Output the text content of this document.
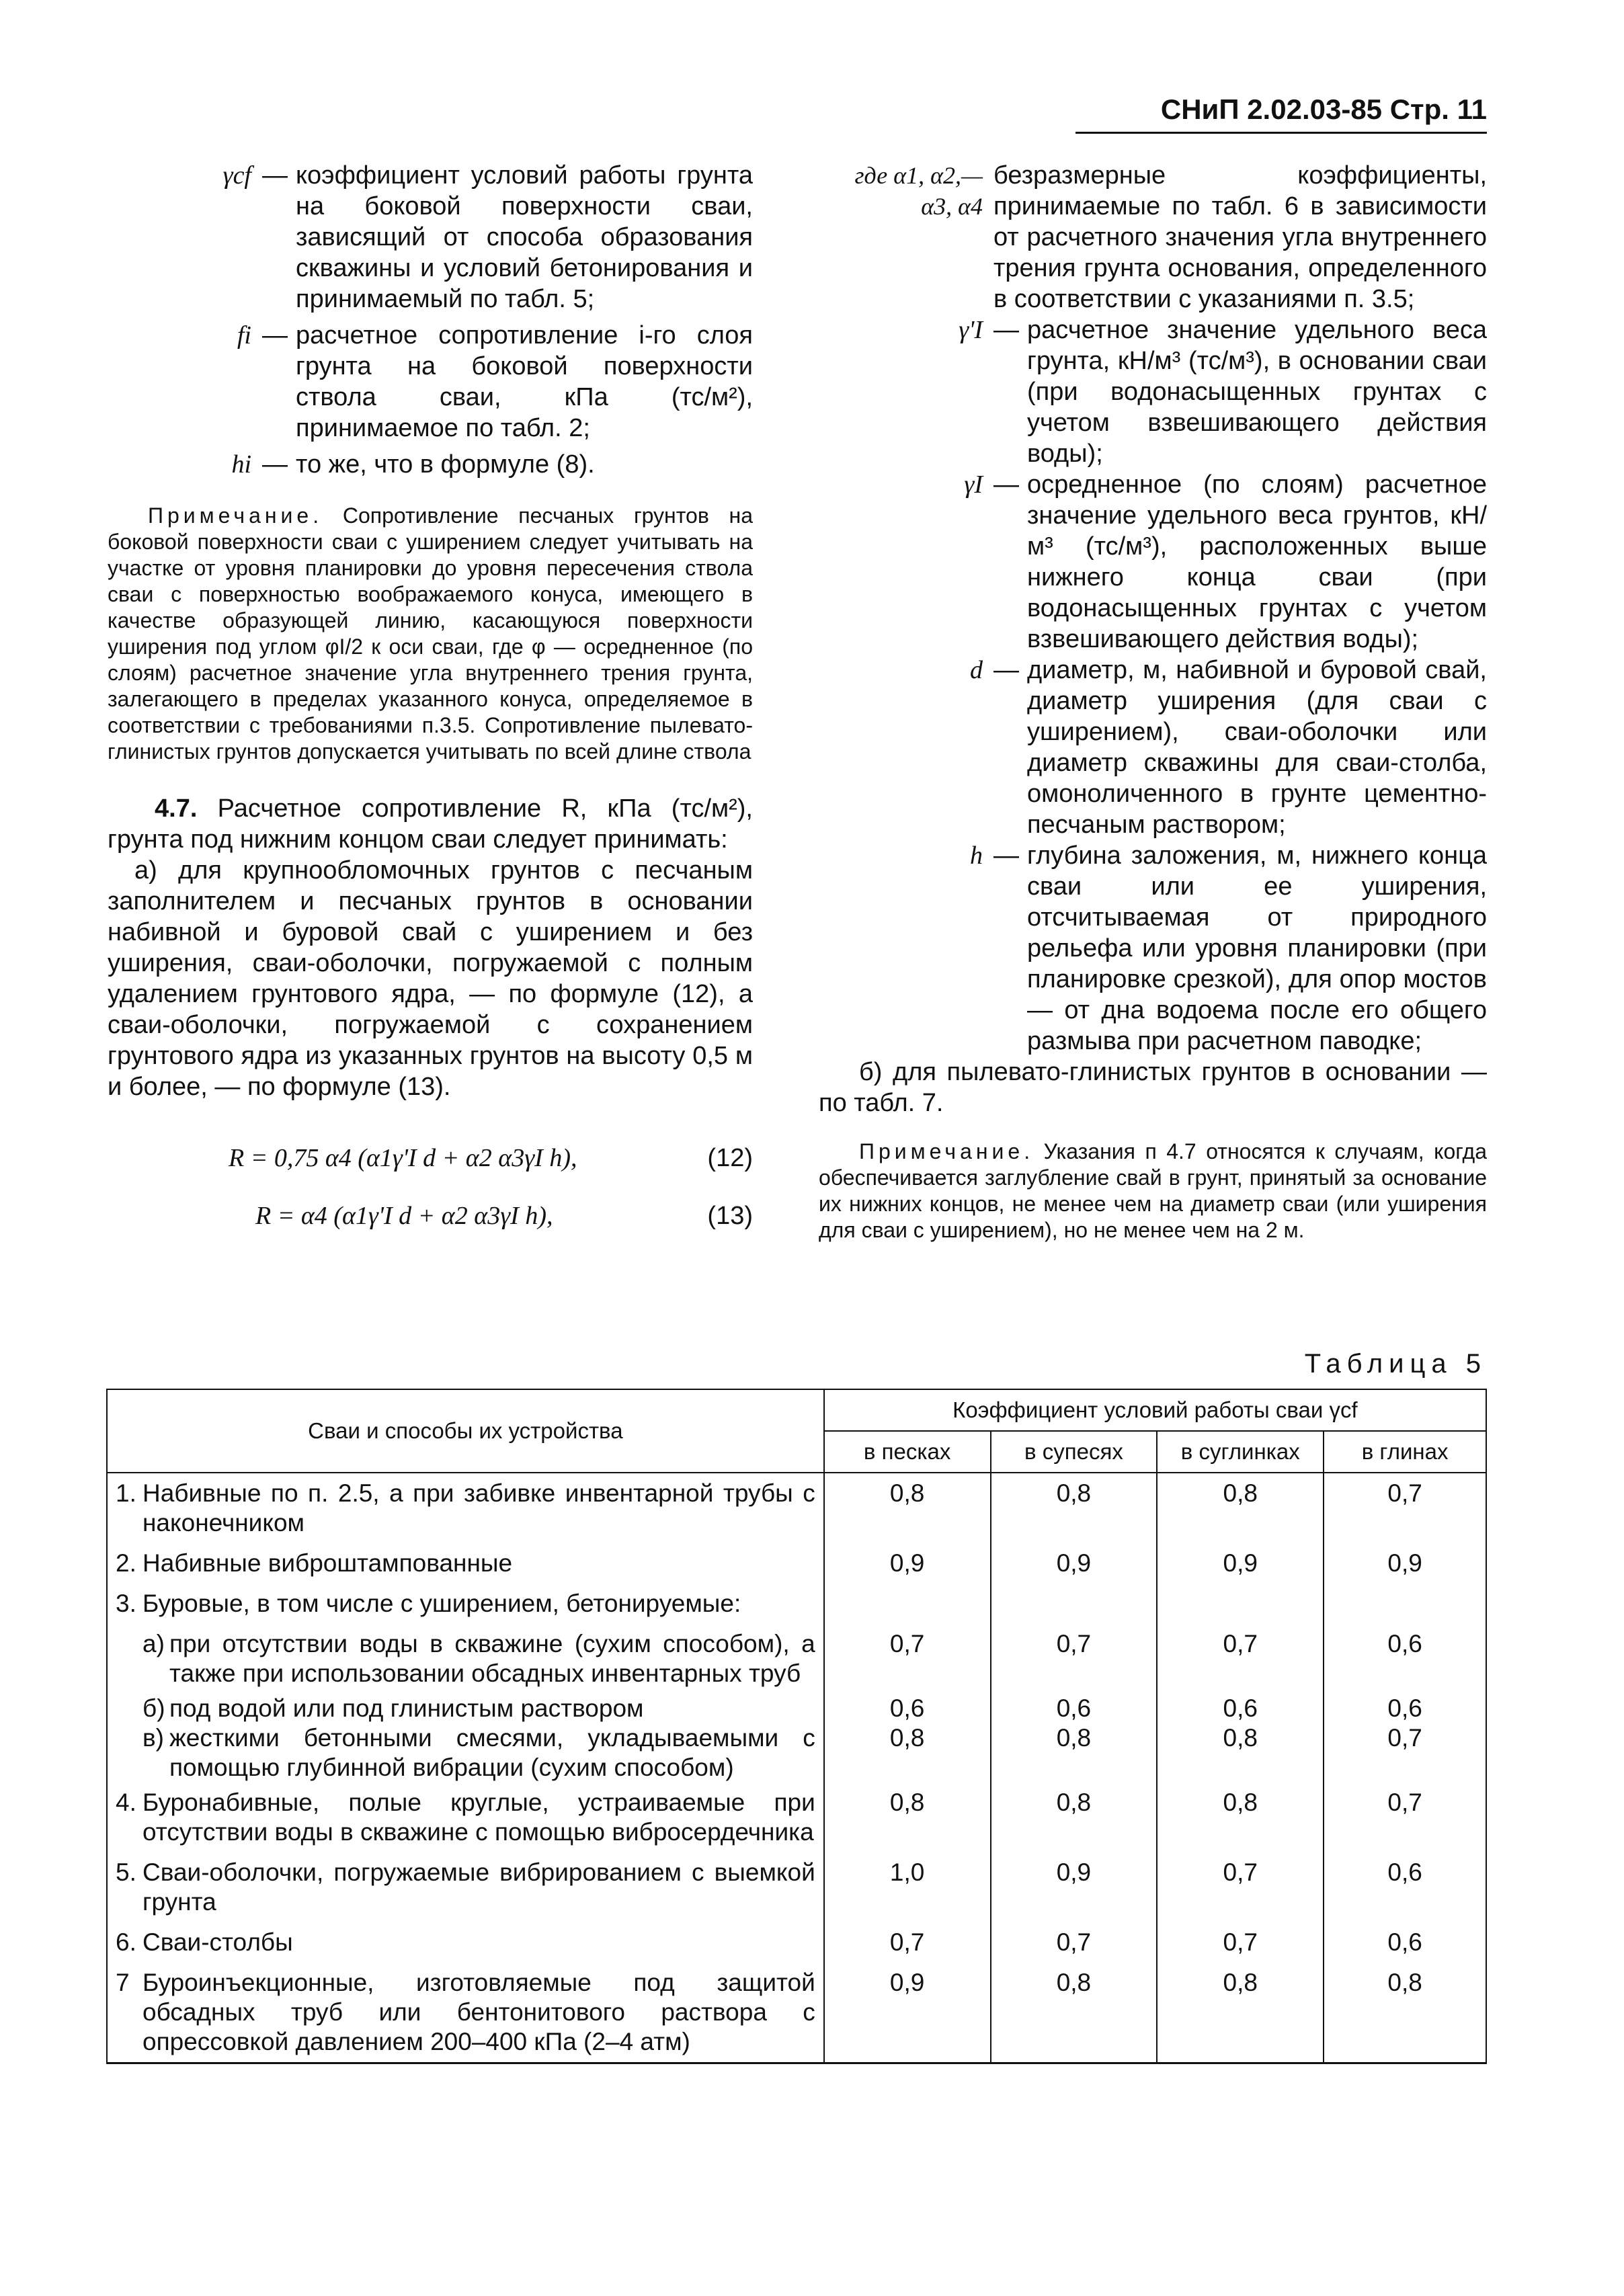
СНиП 2.02.03-85 Стр. 11
γcf — коэффициент условий работы грунта на боковой поверхности сваи, зависящий от способа образования скважины и условий бетонирования и принимаемый по табл. 5;
fi — расчетное сопротивление i-го слоя грунта на боковой поверхности ствола сваи, кПа (тс/м²), принимаемое по табл. 2;
hi — то же, что в формуле (8).
Примечание. Сопротивление песчаных грунтов на боковой поверхности сваи с уширением следует учитывать на участке от уровня планировки до уровня пересечения ствола сваи с поверхностью воображаемого конуса, имеющего в качестве образующей линию, касающуюся поверхности уширения под углом φI/2 к оси сваи, где φ — осредненное (по слоям) расчетное значение угла внутреннего трения грунта, залегающего в пределах указанного конуса, определяемое в соответствии с требованиями п.3.5. Сопротивление пылевато-глинистых грунтов допускается учитывать по всей длине ствола
4.7. Расчетное сопротивление R, кПа (тс/м²), грунта под нижним концом сваи следует принимать:
а) для крупнообломочных грунтов с песчаным заполнителем и песчаных грунтов в основании набивной и буровой свай с уширением и без уширения, сваи-оболочки, погружаемой с полным удалением грунтового ядра, — по формуле (12), а сваи-оболочки, погружаемой с сохранением грунтового ядра из указанных грунтов на высоту 0,5 м и более, — по формуле (13).
R = 0,75 α4 (α1γ'I d + α2 α3γI h),	(12)
R = α4 (α1γ'I d + α2 α3γI h),	(13)
где α1, α2,— α3, α4
безразмерные коэффициенты, принимаемые по табл. 6 в зависимости от расчетного значения угла внутреннего трения грунта основания, определенного в соответствии с указаниями п. 3.5;
γ'I — расчетное значение удельного веса грунта, кН/м³ (тс/м³), в основании сваи (при водонасыщенных грунтах с учетом взвешивающего действия воды);
γI — осредненное (по слоям) расчетное значение удельного веса грунтов, кН/м³ (тс/м³), расположенных выше нижнего конца сваи (при водонасыщенных грунтах с учетом взвешивающего действия воды);
d — диаметр, м, набивной и буровой свай, диаметр уширения (для сваи с уширением), сваи-оболочки или диаметр скважины для сваи-столба, омоноличенного в грунте цементно-песчаным раствором;
h — глубина заложения, м, нижнего конца сваи или ее уширения, отсчитываемая от природного рельефа или уровня планировки (при планировке срезкой), для опор мостов — от дна водоема после его общего размыва при расчетном паводке;
б) для пылевато-глинистых грунтов в основании — по табл. 7.
Примечание. Указания п 4.7 относятся к случаям, когда обеспечивается заглубление свай в грунт, принятый за основание их нижних концов, не менее чем на диаметр сваи (или уширения для сваи с уширением), но не менее чем на 2 м.
Таблица 5
Сваи и способы их устройства	Коэффициент условий работы сваи γcf			
	в песках	в супесях	в суглинках	в глинах

1. Набивные по п. 2.5, а при забивке инвентарной трубы с наконечником	0,8	0,8	0,8	0,7

2. Набивные виброштампованные	0,9	0,9	0,9	0,9

3. Буровые, в том числе с уширением, бетонируемые:				

а) при отсутствии воды в скважине (сухим способом), а также при использовании обсадных инвентарных труб	0,7	0,7	0,7	0,6

б) под водой или под глинистым раствором	0,6	0,6	0,6	0,6

в) жесткими бетонными смесями, укладываемыми с помощью глубинной вибрации (сухим способом)	0,8	0,8	0,8	0,7

4. Буронабивные, полые круглые, устраиваемые при отсутствии воды в скважине с помощью вибросердечника	0,8	0,8	0,8	0,7

5. Сваи-оболочки, погружаемые вибрированием с выемкой грунта	1,0	0,9	0,7	0,6

6. Сваи-столбы	0,7	0,7	0,7	0,6

7 Буроинъекционные, изготовляемые под защитой обсадных труб или бентонитового раствора с опрессовкой давлением 200–400 кПа (2–4 атм)	0,9	0,8	0,8	0,8
